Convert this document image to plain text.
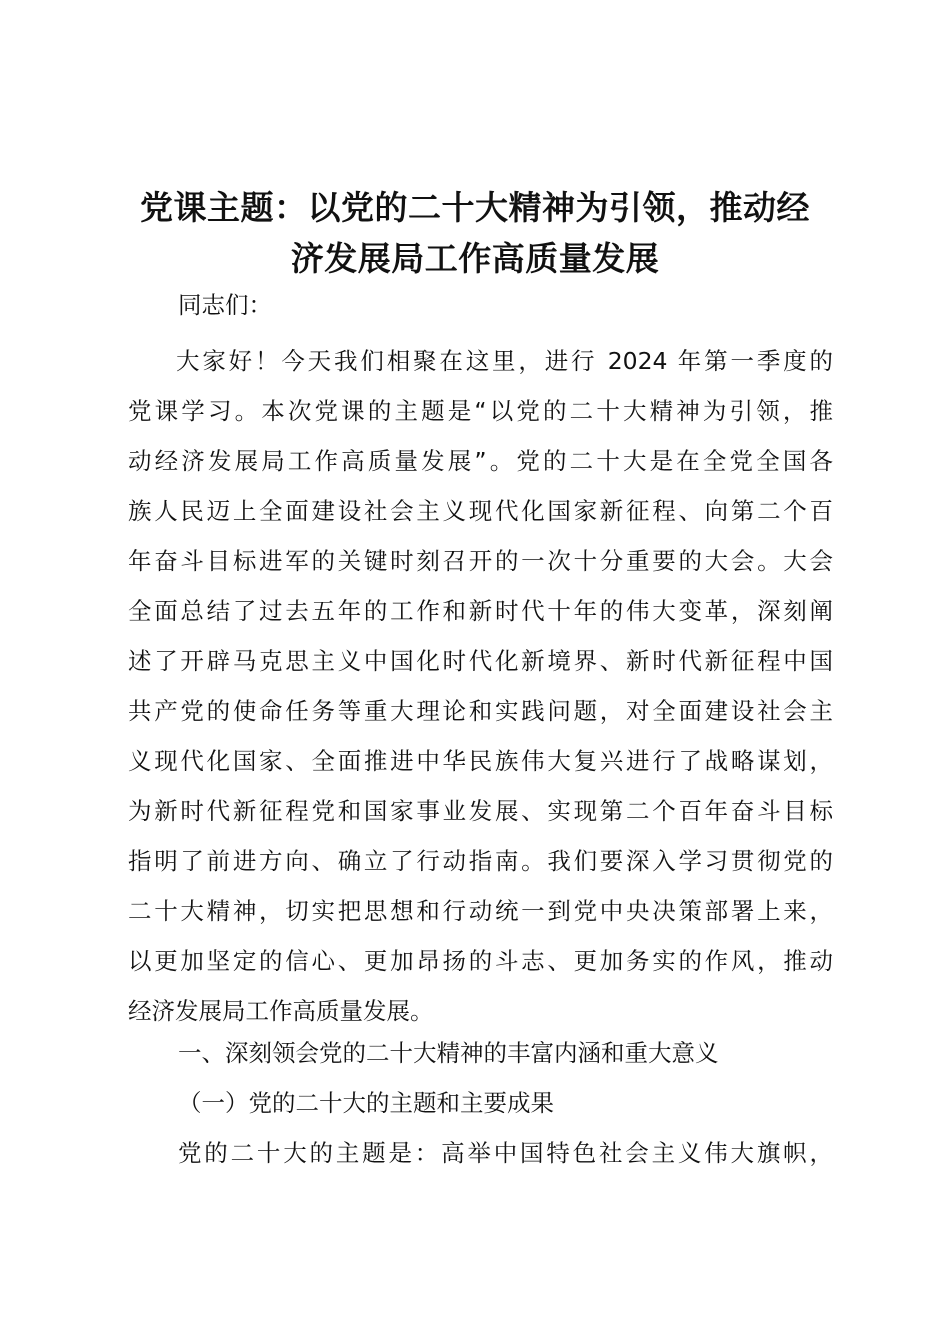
党课主题：以党的二十大精神为引领，推动经
济发展局工作高质量发展

同志们：

大家好！今天我们相聚在这里，进行 2024 年第一季度的
党课学习。本次党课的主题是“以党的二十大精神为引领，推
动经济发展局工作高质量发展”。党的二十大是在全党全国各
族人民迈上全面建设社会主义现代化国家新征程、向第二个百
年奋斗目标进军的关键时刻召开的一次十分重要的大会。大会
全面总结了过去五年的工作和新时代十年的伟大变革，深刻阐
述了开辟马克思主义中国化时代化新境界、新时代新征程中国
共产党的使命任务等重大理论和实践问题，对全面建设社会主
义现代化国家、全面推进中华民族伟大复兴进行了战略谋划，
为新时代新征程党和国家事业发展、实现第二个百年奋斗目标
指明了前进方向、确立了行动指南。我们要深入学习贯彻党的
二十大精神，切实把思想和行动统一到党中央决策部署上来，
以更加坚定的信心、更加昂扬的斗志、更加务实的作风，推动
经济发展局工作高质量发展。

一、深刻领会党的二十大精神的丰富内涵和重大意义

（一）党的二十大的主题和主要成果

党的二十大的主题是：高举中国特色社会主义伟大旗帜，
